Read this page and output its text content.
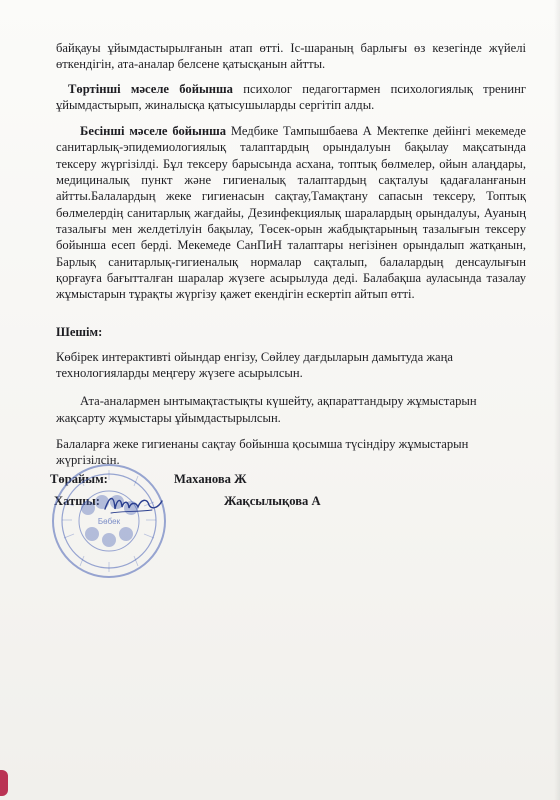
байқауы ұйымдастырылғанын атап өтті. Іс-шараның барлығы өз кезегінде жүйелі өткендігін, ата-аналар белсене қатысқанын айтты.

Төртінші мәселе бойынша психолог педагогтармен психологиялық тренинг ұйымдастырып, жиналысқа қатысушыларды сергітіп алды.

Бесінші мәселе бойынша Медбике Тампышбаева А Мектепке дейінгі мекемеде санитарлық-эпидемиологиялық талаптардың орындалуын бақылау мақсатында тексеру жүргізілді. Бұл тексеру барысында асхана, топтық бөлмелер, ойын алаңдары, медициналық пункт және гигиеналық талаптардың сақталуы қадағаланғанын айтты.Балалардың жеке гигиенасын сақтау,Тамақтану сапасын тексеру, Топтық бөлмелердің санитарлық жағдайы, Дезинфекциялық шаралардың орындалуы, Ауаның тазалығы мен желдетілуін бақылау, Төсек-орын жабдықтарының тазалығын тексеру бойынша есеп берді. Мекемеде СанПиН талаптары негізінен орындалып жатқанын, Барлық санитарлық-гигиеналық нормалар сақталып, балалардың денсаулығын қорғауға бағытталған шаралар жүзеге асырылуда деді. Балабақша ауласында тазалау жұмыстарын тұрақты жүргізу қажет екендігін ескертіп айтып өтті.

Шешім:

Көбірек интерактивті ойындар енгізу, Сөйлеу дағдыларын дамытуда жаңа технологияларды меңгеру жүзеге асырылсын.

Ата-аналармен ынтымақтастықты күшейту, ақпараттандыру жұмыстарын жақсарту жұмыстары ұйымдастырылсын.

Балаларға жеке гигиенаны сақтау бойынша қосымша түсіндіру жұмыстарын жүргізілсін.

Төрайым:	Маханова Ж
Хатшы:	Жақсылықова А
Бөбек
